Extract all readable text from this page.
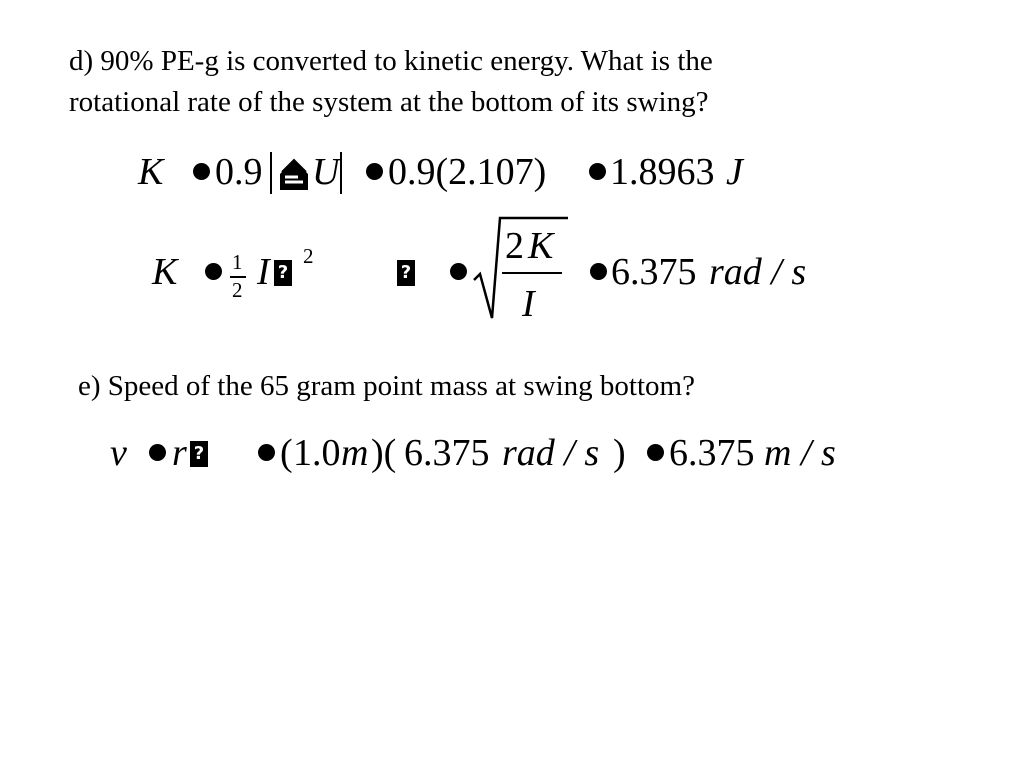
d) 90% PE-g is converted to kinetic energy. What is the
rotational rate of the system at the bottom of its swing?
K 0.9 U 0.9(2.107) 1.8963 J
K	1
2 I ?
2
?
2 K
I
6.375 rad / s
e) Speed of the 65 gram point mass at swing bottom?
v r ? ( 1.0 m )( 6.375 rad / s ) 6.375 m / s
